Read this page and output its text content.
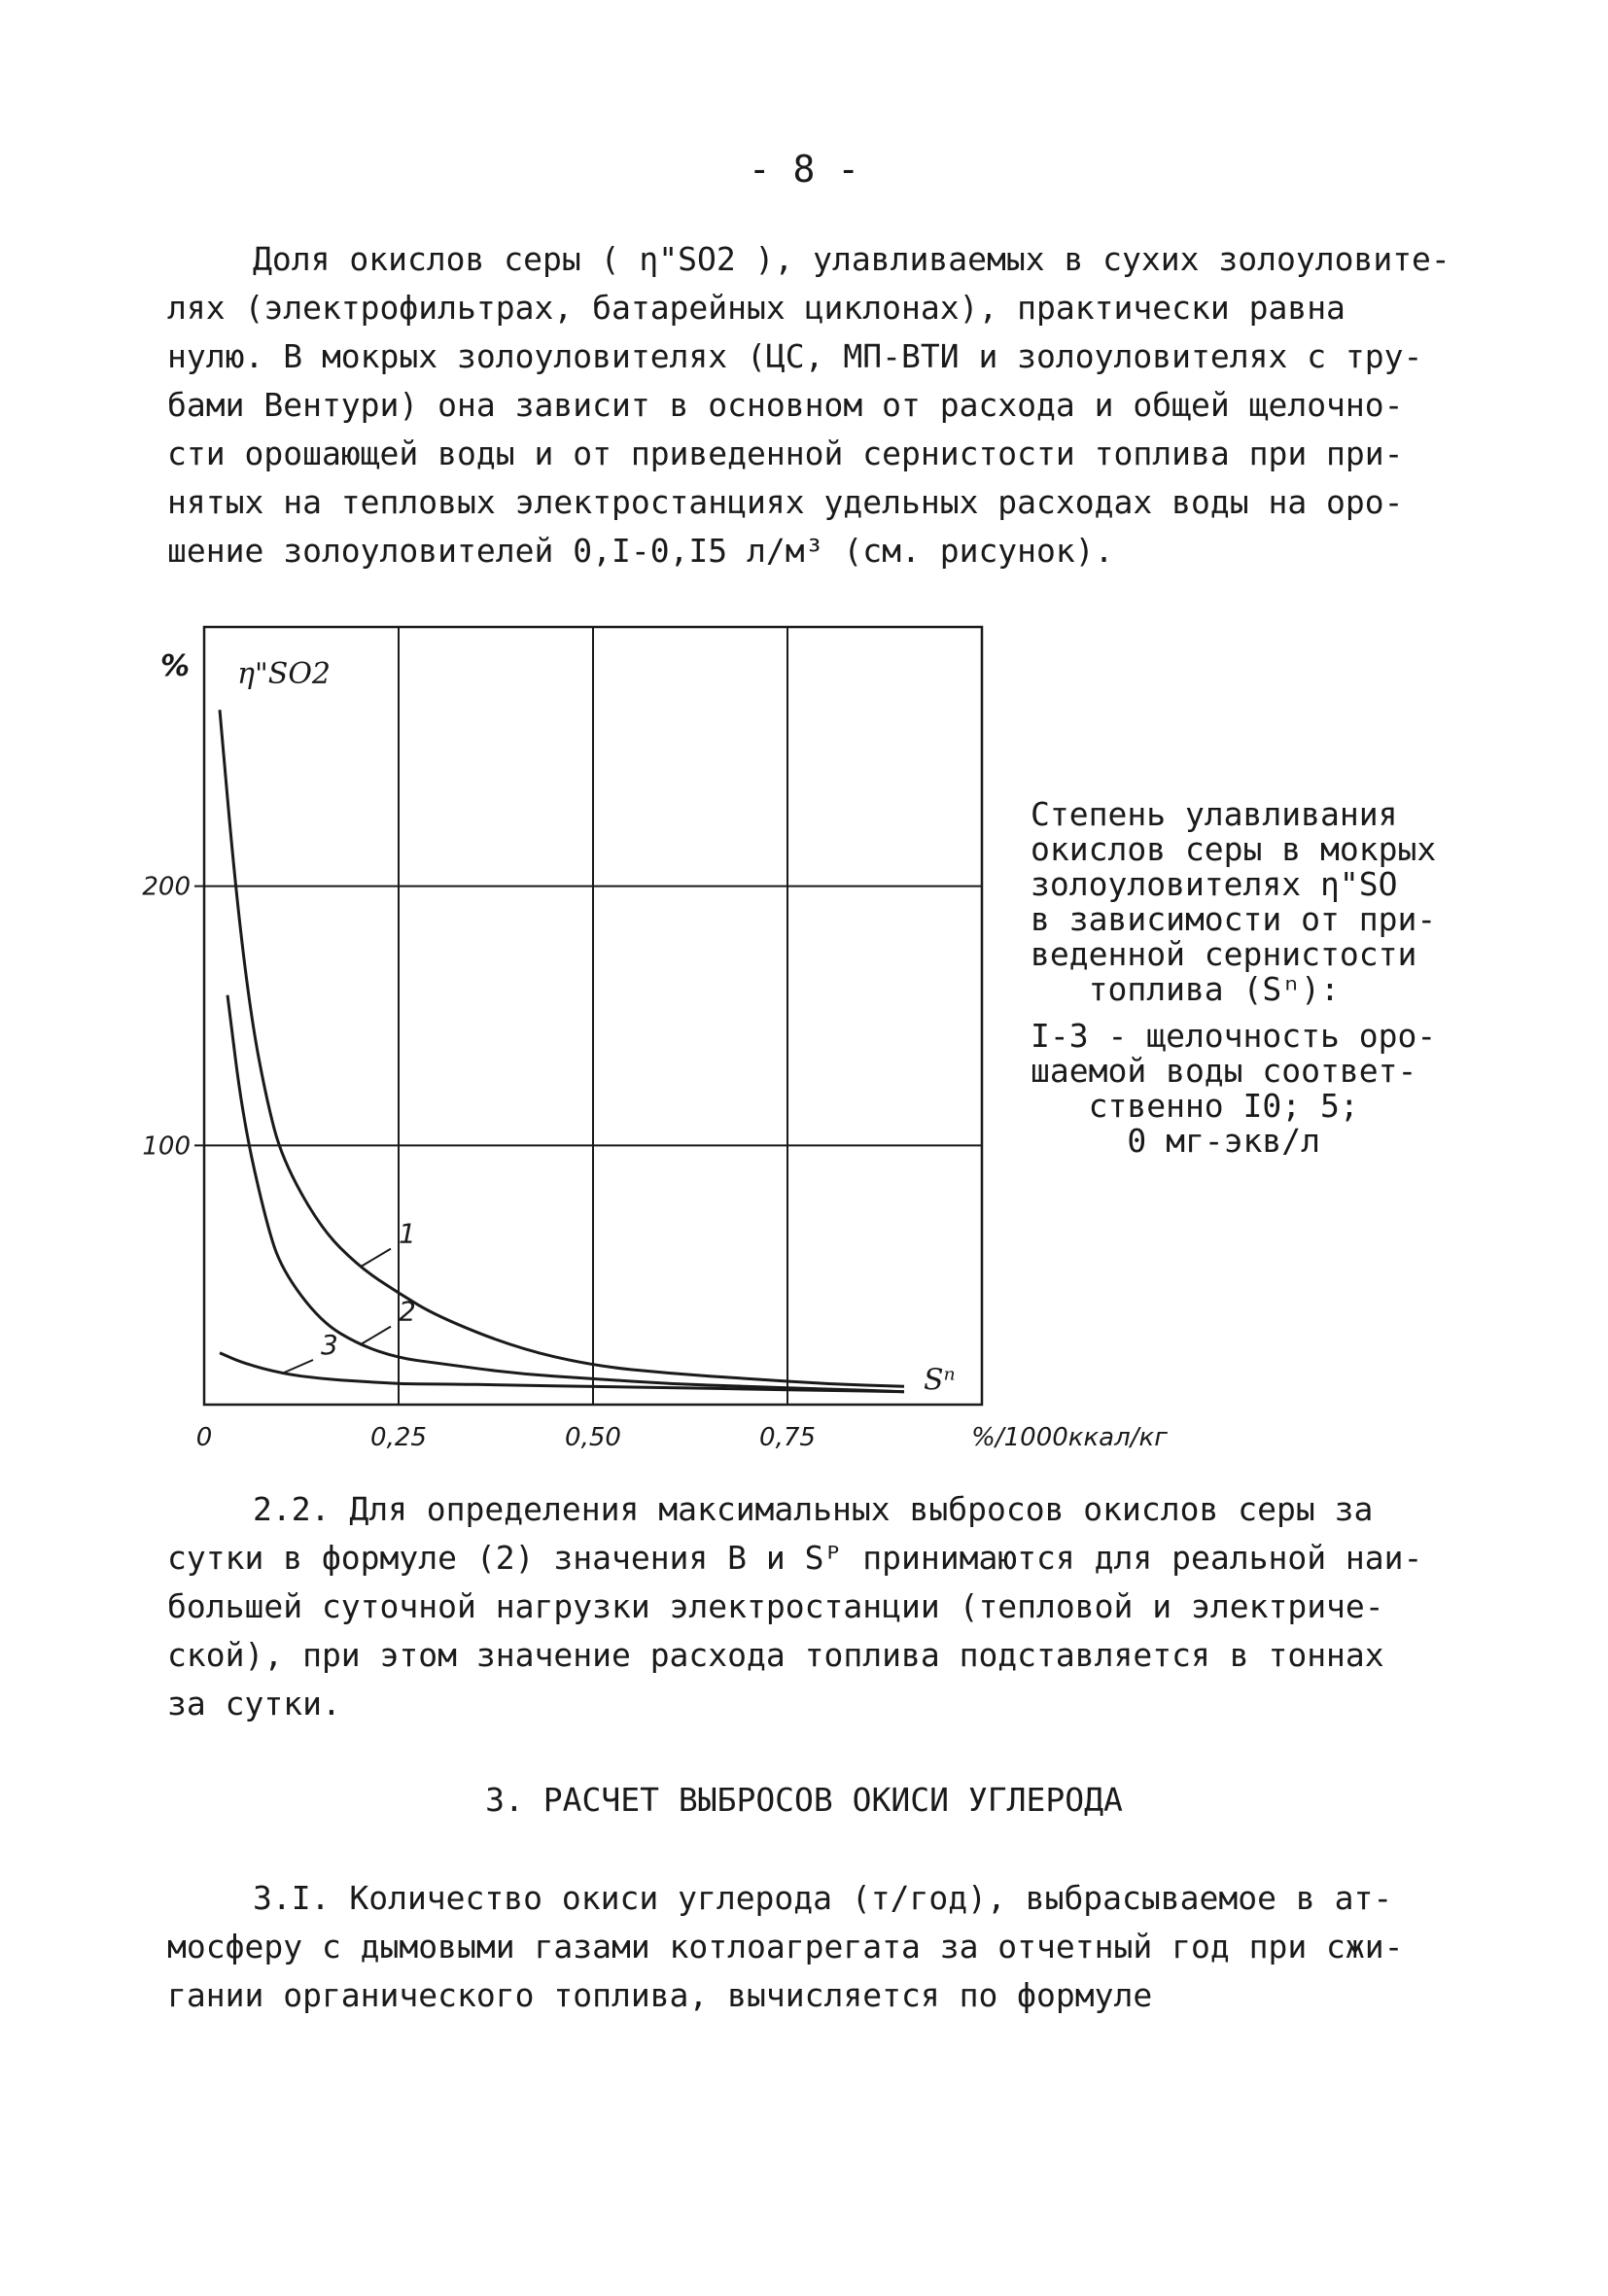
- 8 -
Доля окислов серы ( η"SO2 ), улавливаемых в сухих золоуловите-
лях (электрофильтрах, батарейных циклонах), практически равна
нулю. В мокрых золоуловителях (ЦС, МП-ВТИ и золоуловителях с тру-
бами Вентури) она зависит в основном от расхода и общей щелочно-
сти орошающей воды и от приведенной сернистости топлива при при-
нятых на тепловых электростанциях удельных расходах воды на оро-
шение золоуловителей 0,I-0,I5 л/м³ (см. рисунок).
0	0,25	0,50	0,75
100
200
% η"SO2
%/1000ккал/кг
Sⁿ
1
2
3
Степень улавливания
окислов серы в мокрых
золоуловителях η"SO
в зависимости от при-
веденной сернистости
топлива (Sⁿ):
I-3 - щелочность оро-
шаемой воды соответ-
ственно I0; 5;
0 мг-экв/л
2.2. Для определения максимальных выбросов окислов серы за
сутки в формуле (2) значения В и Sᴾ принимаются для реальной наи-
большей суточной нагрузки электростанции (тепловой и электриче-
ской), при этом значение расхода топлива подставляется в тоннах
за сутки.
3. РАСЧЕТ ВЫБРОСОВ ОКИСИ УГЛЕРОДА
3.I. Количество окиси углерода (т/год), выбрасываемое в ат-
мосферу с дымовыми газами котлоагрегата за отчетный год при сжи-
гании органического топлива, вычисляется по формуле
